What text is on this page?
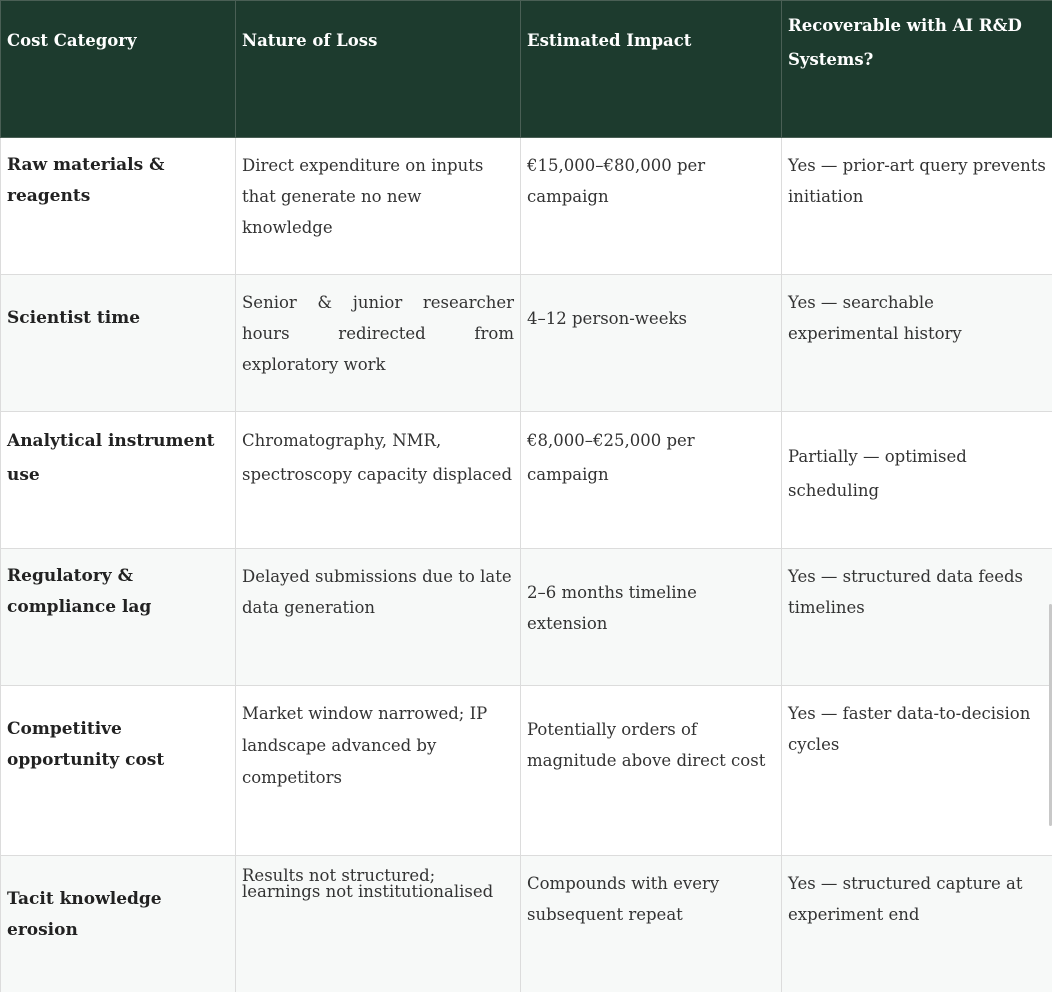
Cost Category	Nature of Loss	Estimated Impact	Recoverable with AI R&D Systems?

Raw materials & reagents	Direct expenditure on inputs that generate no new knowledge	€15,000–€80,000 per campaign	Yes — prior-art query prevents initiation

Scientist time	Senior & junior researcher hours redirected from exploratory work	4–12 person-weeks	Yes — searchable experimental history

Analytical instrument use	Chromatography, NMR, spectroscopy capacity displaced	€8,000–€25,000 per campaign	Partially — optimised scheduling

Regulatory & compliance lag	Delayed submissions due to late data generation	2–6 months timeline extension	Yes — structured data feeds timelines

Competitive opportunity cost	Market window narrowed; IP landscape advanced by competitors	Potentially orders of magnitude above direct cost	Yes — faster data-to-decision cycles

Tacit knowledge erosion	Results not structured; learnings not institutionalised	Compounds with every subsequent repeat	Yes — structured capture at experiment end
